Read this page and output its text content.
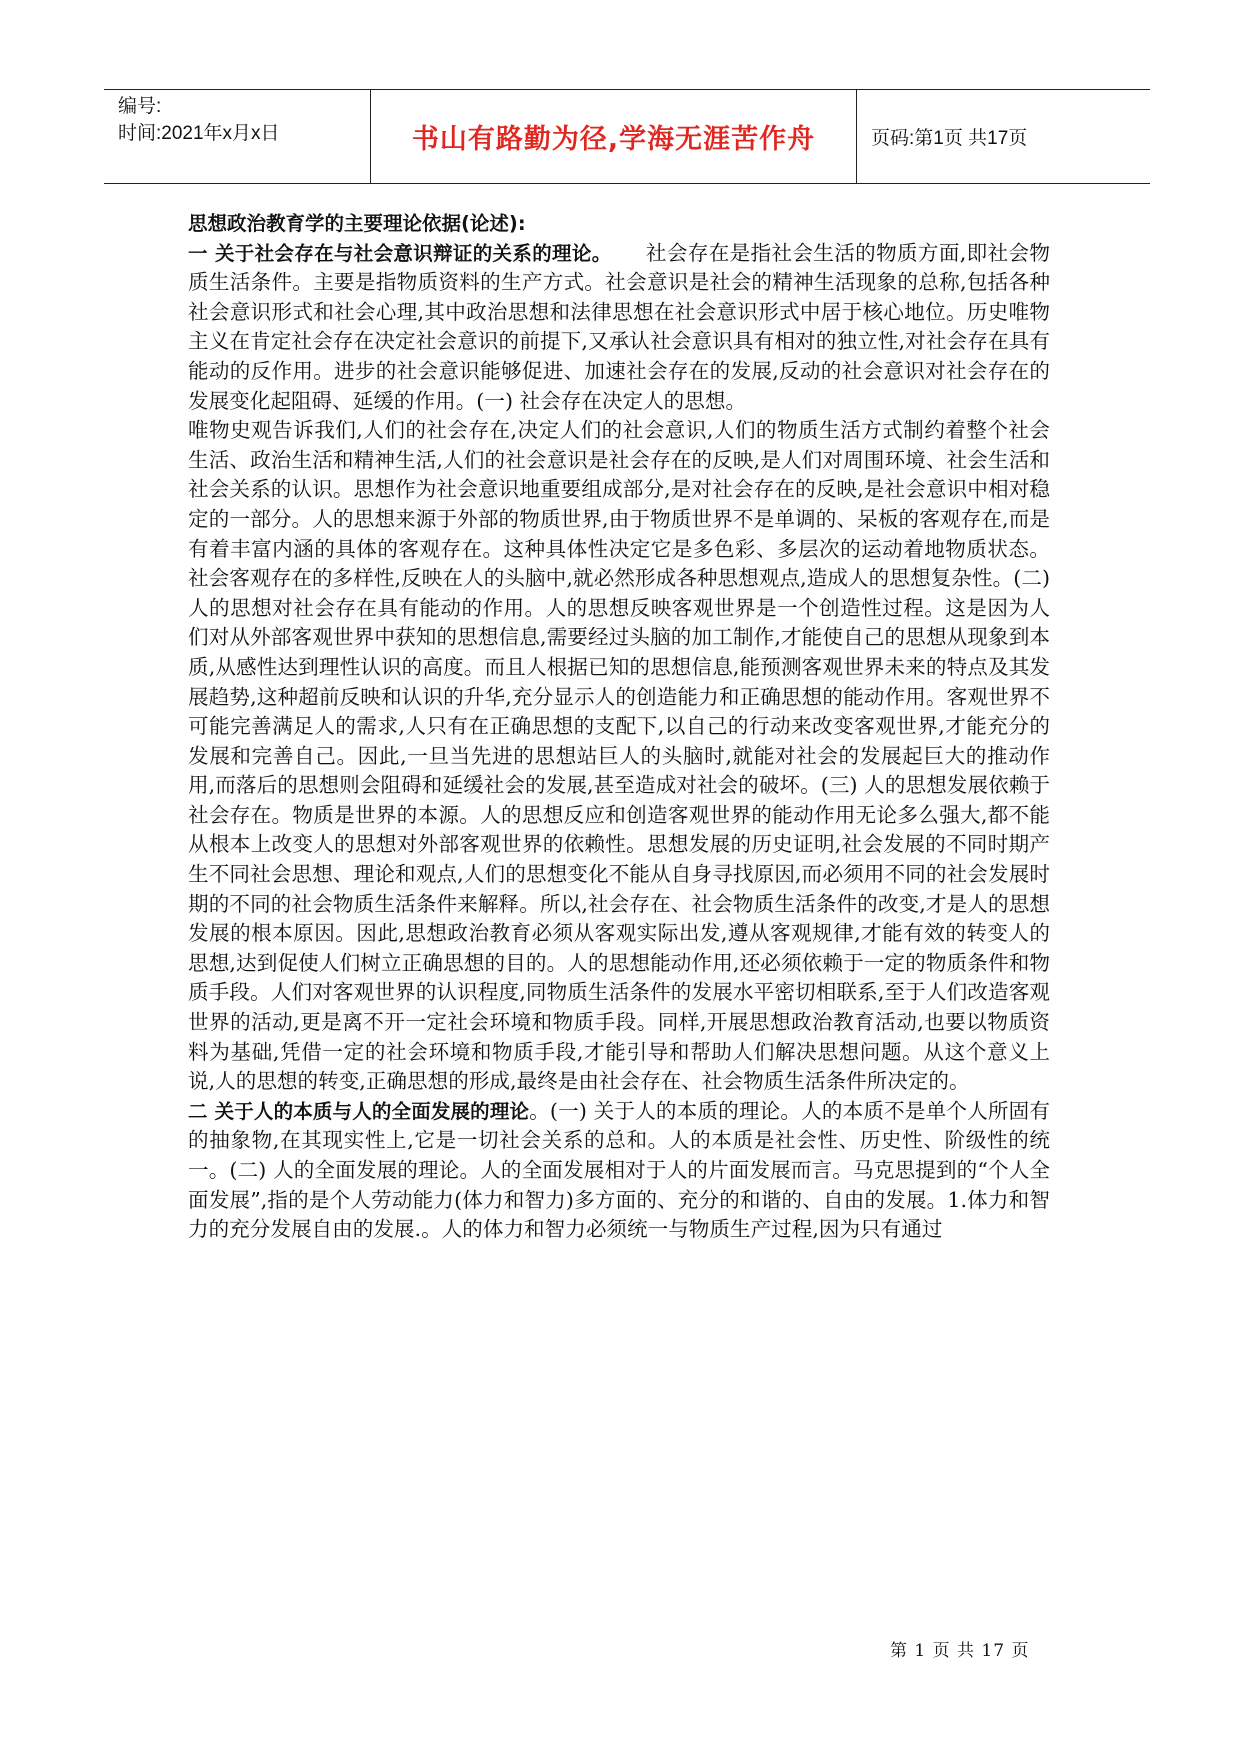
编号:
时间:2021年x月x日	书山有路勤为径,学海无涯苦作舟	页码:第1页 共17页

思想政治教育学的主要理论依据(论述):

一 关于社会存在与社会意识辩证的关系的理论。 社会存在是指社会生活的物质方面,即社会物质生活条件。主要是指物质资料的生产方式。社会意识是社会的精神生活现象的总称,包括各种社会意识形式和社会心理,其中政治思想和法律思想在社会意识形式中居于核心地位。历史唯物主义在肯定社会存在决定社会意识的前提下,又承认社会意识具有相对的独立性,对社会存在具有能动的反作用。进步的社会意识能够促进、加速社会存在的发展,反动的社会意识对社会存在的发展变化起阻碍、延缓的作用。(一) 社会存在决定人的思想。

唯物史观告诉我们,人们的社会存在,决定人们的社会意识,人们的物质生活方式制约着整个社会生活、政治生活和精神生活,人们的社会意识是社会存在的反映,是人们对周围环境、社会生活和社会关系的认识。思想作为社会意识地重要组成部分,是对社会存在的反映,是社会意识中相对稳定的一部分。人的思想来源于外部的物质世界,由于物质世界不是单调的、呆板的客观存在,而是有着丰富内涵的具体的客观存在。这种具体性决定它是多色彩、多层次的运动着地物质状态。社会客观存在的多样性,反映在人的头脑中,就必然形成各种思想观点,造成人的思想复杂性。(二) 人的思想对社会存在具有能动的作用。人的思想反映客观世界是一个创造性过程。这是因为人们对从外部客观世界中获知的思想信息,需要经过头脑的加工制作,才能使自己的思想从现象到本质,从感性达到理性认识的高度。而且人根据已知的思想信息,能预测客观世界未来的特点及其发展趋势,这种超前反映和认识的升华,充分显示人的创造能力和正确思想的能动作用。客观世界不可能完善满足人的需求,人只有在正确思想的支配下,以自己的行动来改变客观世界,才能充分的发展和完善自己。因此,一旦当先进的思想站巨人的头脑时,就能对社会的发展起巨大的推动作用,而落后的思想则会阻碍和延缓社会的发展,甚至造成对社会的破坏。(三) 人的思想发展依赖于社会存在。物质是世界的本源。人的思想反应和创造客观世界的能动作用无论多么强大,都不能从根本上改变人的思想对外部客观世界的依赖性。思想发展的历史证明,社会发展的不同时期产生不同社会思想、理论和观点,人们的思想变化不能从自身寻找原因,而必须用不同的社会发展时期的不同的社会物质生活条件来解释。所以,社会存在、社会物质生活条件的改变,才是人的思想发展的根本原因。因此,思想政治教育必须从客观实际出发,遵从客观规律,才能有效的转变人的思想,达到促使人们树立正确思想的目的。人的思想能动作用,还必须依赖于一定的物质条件和物质手段。人们对客观世界的认识程度,同物质生活条件的发展水平密切相联系,至于人们改造客观世界的活动,更是离不开一定社会环境和物质手段。同样,开展思想政治教育活动,也要以物质资料为基础,凭借一定的社会环境和物质手段,才能引导和帮助人们解决思想问题。从这个意义上说,人的思想的转变,正确思想的形成,最终是由社会存在、社会物质生活条件所决定的。

二 关于人的本质与人的全面发展的理论。(一) 关于人的本质的理论。人的本质不是单个人所固有的抽象物,在其现实性上,它是一切社会关系的总和。人的本质是社会性、历史性、阶级性的统一。(二) 人的全面发展的理论。人的全面发展相对于人的片面发展而言。马克思提到的“个人全面发展”,指的是个人劳动能力(体力和智力)多方面的、充分的和谐的、自由的发展。1.体力和智力的充分发展自由的发展.。人的体力和智力必须统一与物质生产过程,因为只有通过

第 1 页 共 17 页
